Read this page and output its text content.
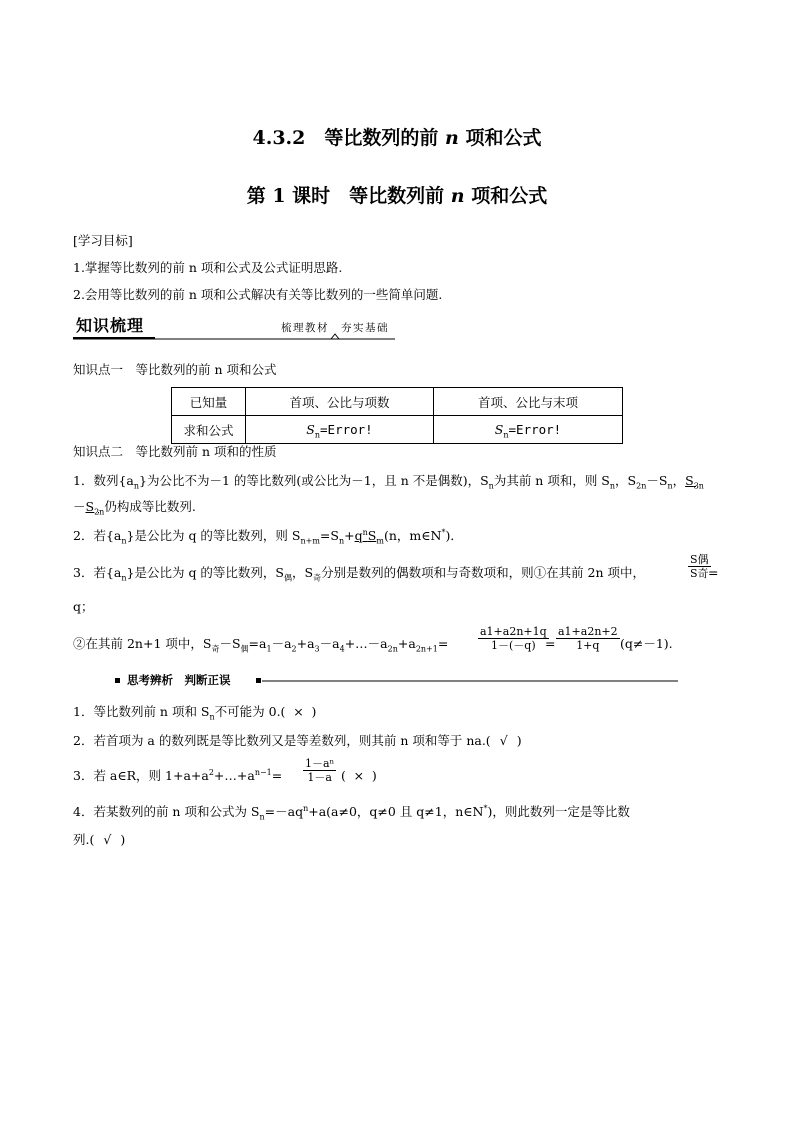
4.3.2　等比数列的前 n 项和公式
第 1 课时　等比数列前 n 项和公式
[学习目标]
1.掌握等比数列的前 n 项和公式及公式证明思路.
2.会用等比数列的前 n 项和公式解决有关等比数列的一些简单问题.
知识梳理	梳理教材　夯实基础
知识点一　等比数列的前 n 项和公式
已知量	首项、公比与项数	首项、公比与末项
求和公式	$S_n=Error$!	$S_n=Error$!
知识点二　等比数列前 n 项和的性质
1．数列$\{a_n\}$为公比不为－1 的等比数列(或公比为－1，且 n 不是偶数)，$S_n$为其前 n 项和，则 $S_n$，$S_{2n}-S_n$，$S_{3n}$
$-S_{2n}$仍构成等比数列.
2．若$\{a_n\}$是公比为 q 的等比数列，则 $S_{n+m}=S_n+q^nS_m(n$，m∈N*)．
3．若$\{a_n\}$是公比为 q 的等比数列，$S_偶$，$S_奇$分别是数列的偶数项和与奇数项和，则①在其前 2n 项中，
S偶
S奇 =
q；
②在其前 2n+1 项中，$S_奇-S_偶=a_1-a_2+a_3-a_4+\dots-a_{2n}+a_{2n+1}=$	$\frac{a1+a2n+1q}{1-(-q)}$
= $\frac{a1+a2n+2}{1+q} (q\ne-1)$.
思考辨析　判断正误
1．等比数列前 n 项和 $S_n$不可能为 0.( × )
2．若首项为 a 的数列既是等比数列又是等差数列，则其前 n 项和等于 na.( √ )
3．若 a∈R，则 $1+a+a^2+\dots+a^{n-1}= \frac{\text{1－aⁿ}}{1-a}$ ( × )
4．若某数列的前 n 项和公式为 $S_n=-aq^n+a(a\ne 0$，q≠0 且 q≠1，n∈N*)，则此数列一定是等比数
列.( √ )
